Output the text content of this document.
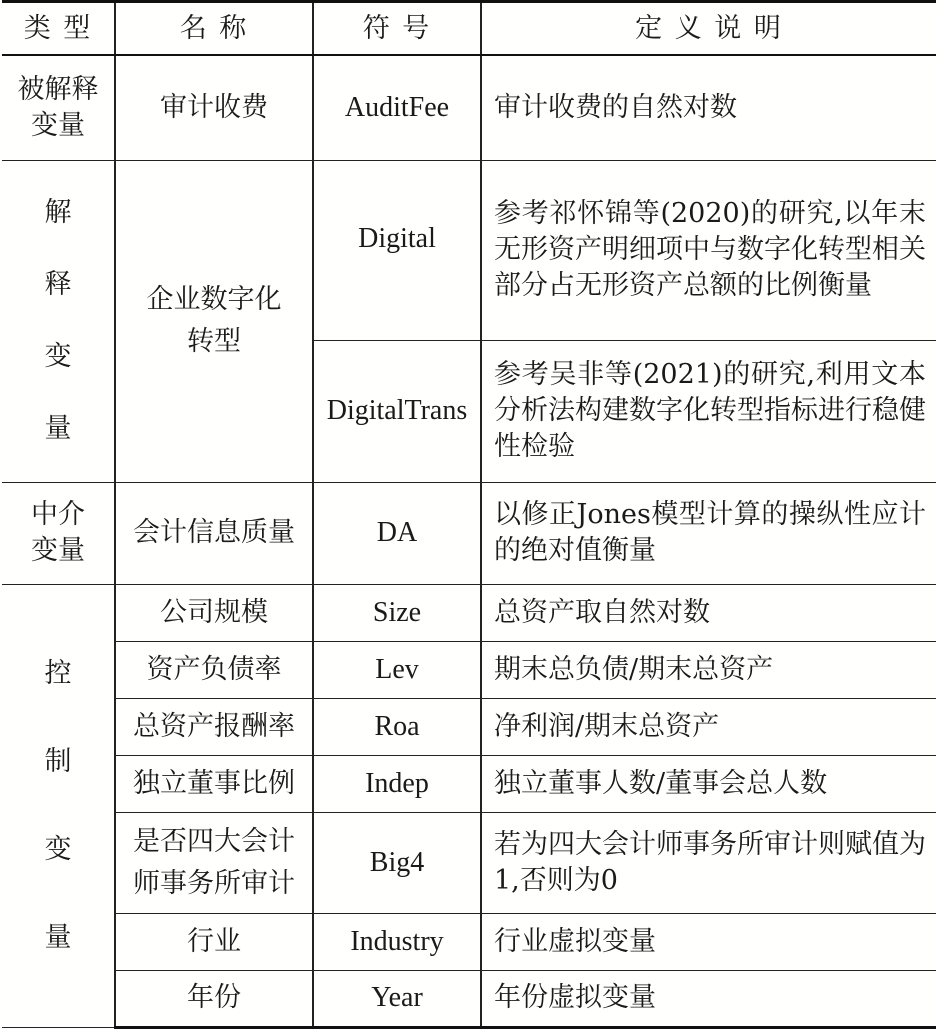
类 型	名 称	符 号	定 义 说 明
被解释变量	审计收费	AuditFee	审计收费的自然对数
解释变量	企业数字化转型	Digital	参考祁怀锦等(2020)的研究,以年末无形资产明细项中与数字化转型相关部分占无形资产总额的比例衡量
		DigitalTrans	参考吴非等(2021)的研究,利用文本分析法构建数字化转型指标进行稳健性检验
中介变量	会计信息质量	DA	以修正Jones模型计算的操纵性应计的绝对值衡量
控制变量	公司规模	Size	总资产取自然对数
	资产负债率	Lev	期末总负债/期末总资产
	总资产报酬率	Roa	净利润/期末总资产
	独立董事比例	Indep	独立董事人数/董事会总人数
	是否四大会计师事务所审计	Big4	若为四大会计师事务所审计则赋值为1,否则为0
	行业	Industry	行业虚拟变量
	年份	Year	年份虚拟变量
